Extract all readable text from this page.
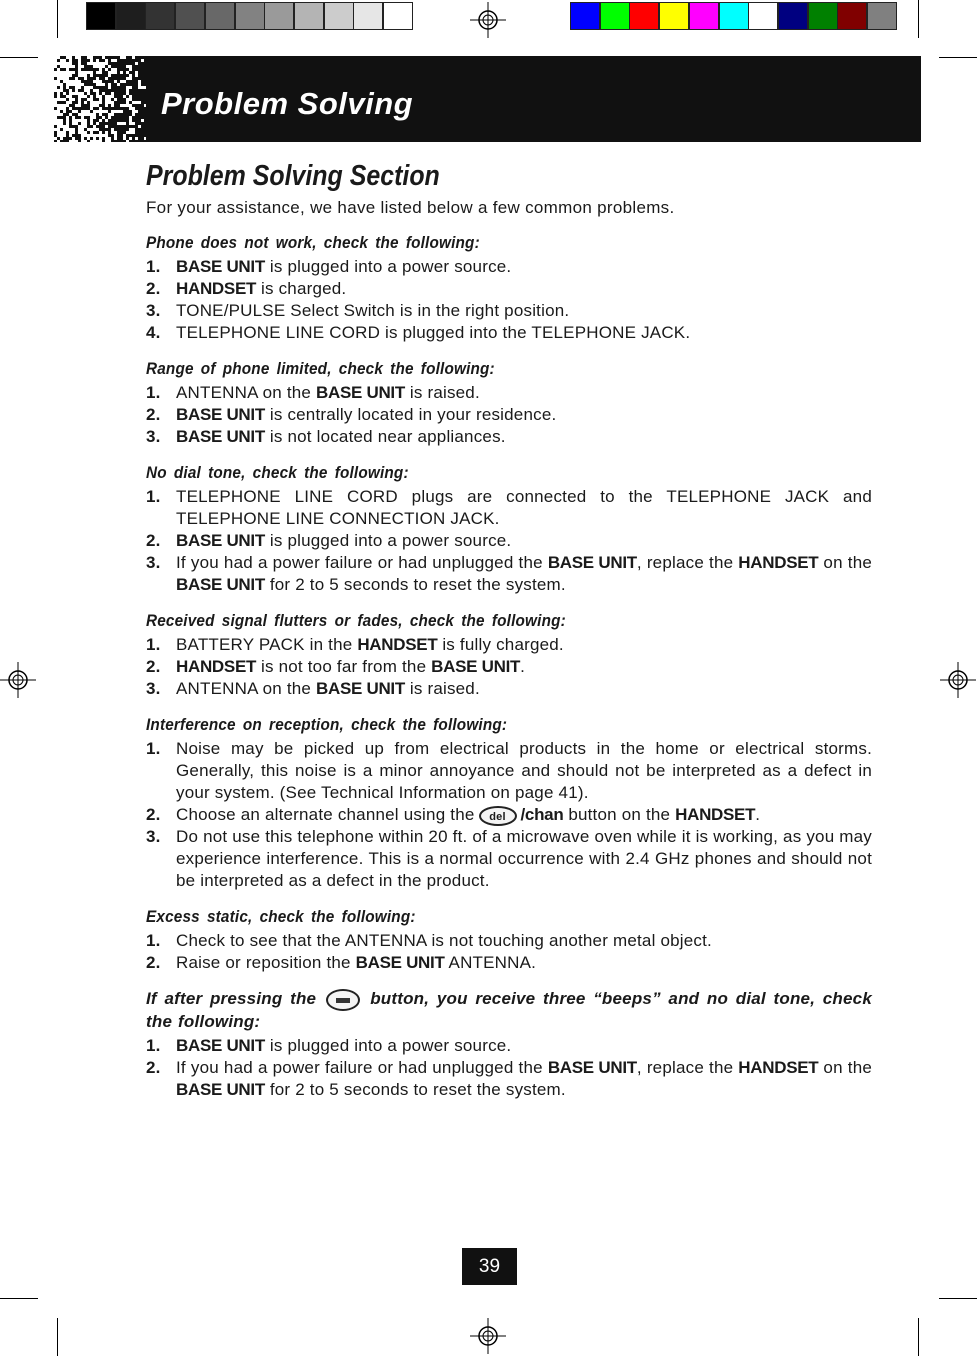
Problem Solving
Problem Solving Section
For your assistance, we have listed below a few common problems.
Phone does not work, check the following:
1. BASE UNIT is plugged into a power source.
2. HANDSET is charged.
3. TONE/PULSE Select Switch is in the right position.
4. TELEPHONE LINE CORD is plugged into the TELEPHONE JACK.
Range of phone limited, check the following:
1. ANTENNA on the BASE UNIT is raised.
2. BASE UNIT is centrally located in your residence.
3. BASE UNIT is not located near appliances.
No dial tone, check the following:
1. TELEPHONE LINE CORD plugs are connected to the TELEPHONE JACK and TELEPHONE LINE CONNECTION JACK.
2. BASE UNIT is plugged into a power source.
3. If you had a power failure or had unplugged the BASE UNIT, replace the HANDSET on the BASE UNIT for 2 to 5 seconds to reset the system.
Received signal flutters or fades, check the following:
1. BATTERY PACK in the HANDSET is fully charged.
2. HANDSET is not too far from the BASE UNIT.
3. ANTENNA on the BASE UNIT is raised.
Interference on reception, check the following:
1. Noise may be picked up from electrical products in the home or electrical storms. Generally, this noise is a minor annoyance and should not be interpreted as a defect in your system. (See Technical Information on page 41).
2. Choose an alternate channel using the del /chan button on the HANDSET.
3. Do not use this telephone within 20 ft. of a microwave oven while it is working, as you may experience interference. This is a normal occurrence with 2.4 GHz phones and should not be interpreted as a defect in the product.
Excess static, check the following:
1. Check to see that the ANTENNA is not touching another metal object.
2. Raise or reposition the BASE UNIT ANTENNA.
If after pressing the	button, you receive three “beeps” and no dial tone, check the following:
1. BASE UNIT is plugged into a power source.
2. If you had a power failure or had unplugged the BASE UNIT, replace the HANDSET on the BASE UNIT for 2 to 5 seconds to reset the system.
39
